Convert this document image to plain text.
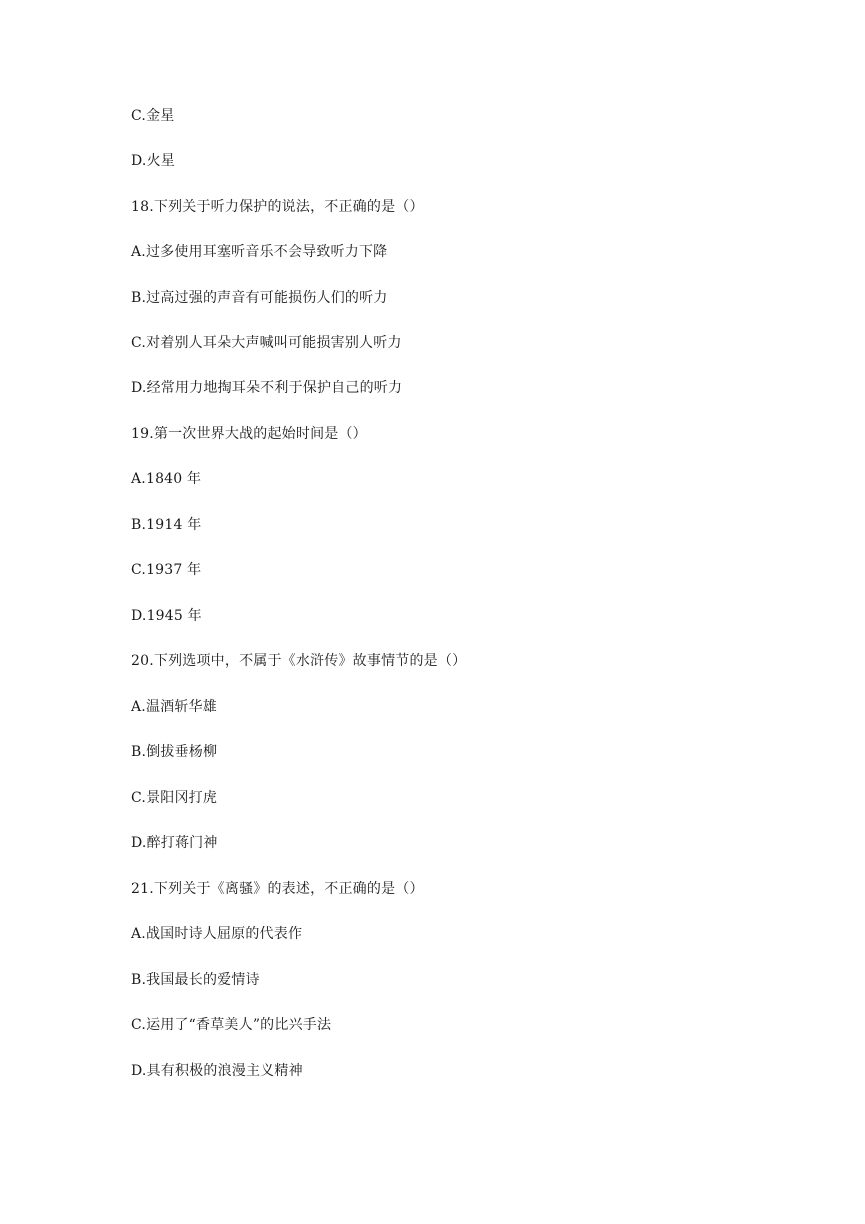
C.金星
D.火星
18.下列关于听力保护的说法，不正确的是（）
A.过多使用耳塞听音乐不会导致听力下降
B.过高过强的声音有可能损伤人们的听力
C.对着别人耳朵大声喊叫可能损害别人听力
D.经常用力地掏耳朵不利于保护自己的听力
19.第一次世界大战的起始时间是（）
A.1840 年
B.1914 年
C.1937 年
D.1945 年
20.下列选项中，不属于《水浒传》故事情节的是（）
A.温酒斩华雄
B.倒拔垂杨柳
C.景阳冈打虎
D.醉打蒋门神
21.下列关于《离骚》的表述，不正确的是（）
A.战国时诗人屈原的代表作
B.我国最长的爱情诗
C.运用了“香草美人”的比兴手法
D.具有积极的浪漫主义精神
